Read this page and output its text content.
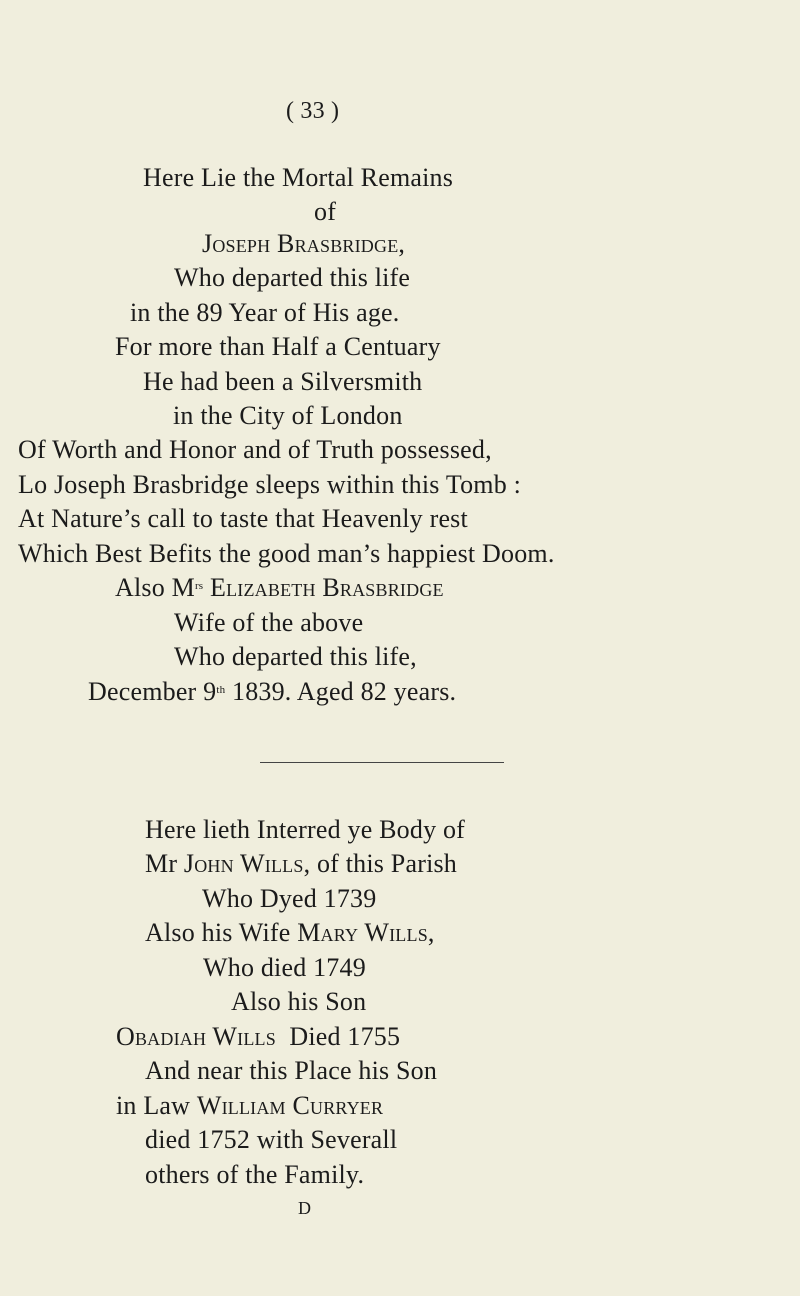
( 33 )
Here Lie the Mortal Remains
of
Joseph Brasbridge,
Who departed this life
in the 89 Year of His age.
For more than Half a Centuary
He had been a Silversmith
in the City of London
Of Worth and Honor and of Truth possessed,
Lo Joseph Brasbridge sleeps within this Tomb :
At Nature’s call to taste that Heavenly rest
Which Best Befits the good man’s happiest Doom.
Also $M^{rs}$ Elizabeth Brasbridge
Wife of the above
Who departed this life,
December 9th 1839. Aged 82 years.
Here lieth Interred ye Body of
Mr John Wills, of this Parish
Who Dyed 1739
Also his Wife Mary Wills,
Who died 1749
Also his Son
Obadiah Wills  Died 1755
And near this Place his Son
in Law William Curryer
died 1752 with Severall
others of the Family.
D
